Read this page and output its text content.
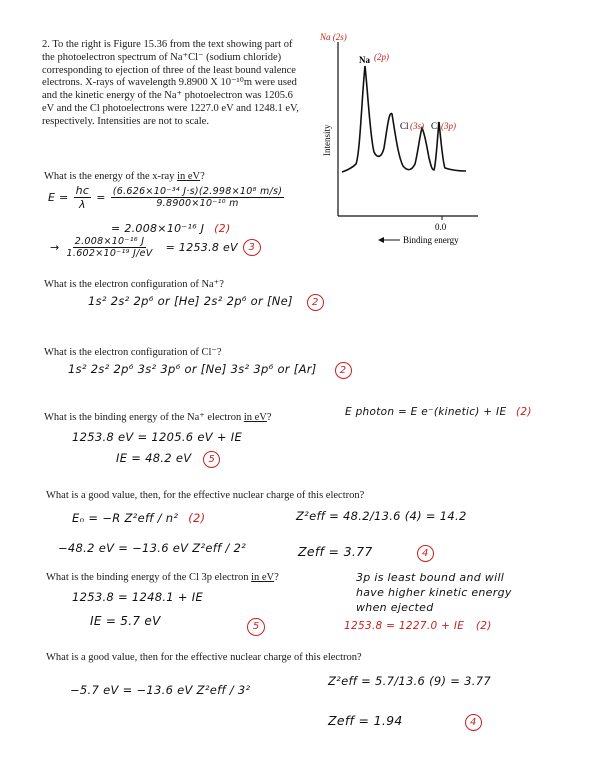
2. To the right is Figure 15.36 from the text showing part of the photoelectron spectrum of Na⁺Cl⁻ (sodium chloride) corresponding to ejection of three of the least bound valence electrons. X-rays of wavelength 9.8900 X 10⁻¹⁰m were used and the kinetic energy of the Na⁺ photoelectron was 1205.6 eV and the Cl photoelectrons were 1227.0 eV and 1248.1 eV, respectively. Intensities are not to scale.
Intensity
0.0
Na
Cl Cl
Binding energy
Na (2s)
(2p)
(3s) (3p)
What is the energy of the x-ray in eV?
$E = \frac{hc}{\lambda} = \frac{\text{(6.626×10⁻³⁴ J·s)(2.998×10⁸ m/s)}}{\text{9.8900×10⁻¹⁰ m}}$
= 2.008×10⁻¹⁶ J (2)
→ $\frac{\text{2.008×10⁻¹⁶ J}}{\text{1.602×10⁻¹⁹ J/eV}} = 1253.8$ eV	3
What is the electron configuration of Na⁺?
1s² 2s² 2p⁶ or [He] 2s² 2p⁶ or [Ne] 2
What is the electron configuration of Cl⁻?
1s² 2s² 2p⁶ 3s² 3p⁶ or [Ne] 3s² 3p⁶ or [Ar] 2
What is the binding energy of the Na⁺ electron in eV?	E photon = E e⁻(kinetic) + IE (2)
1253.8 eV = 1205.6 eV + IE
IE = 48.2 eV 5
What is a good value, then, for the effective nuclear charge of this electron?
Eₙ = −R Z²eff / n² (2)
−48.2 eV = −13.6 eV Z²eff / 2²
Z²eff = 48.2/13.6 (4) = 14.2
Zeff = 3.77	4
What is the binding energy of the Cl 3p electron in eV?	3p is least bound and will have higher kinetic energy when ejected
1253.8 = 1248.1 + IE
IE = 5.7 eV	5	1253.8 = 1227.0 + IE (2)
What is a good value, then for the effective nuclear charge of this electron?
−5.7 eV = −13.6 eV Z²eff / 3²
Z²eff = 5.7/13.6 (9) = 3.77
Zeff = 1.94	4
